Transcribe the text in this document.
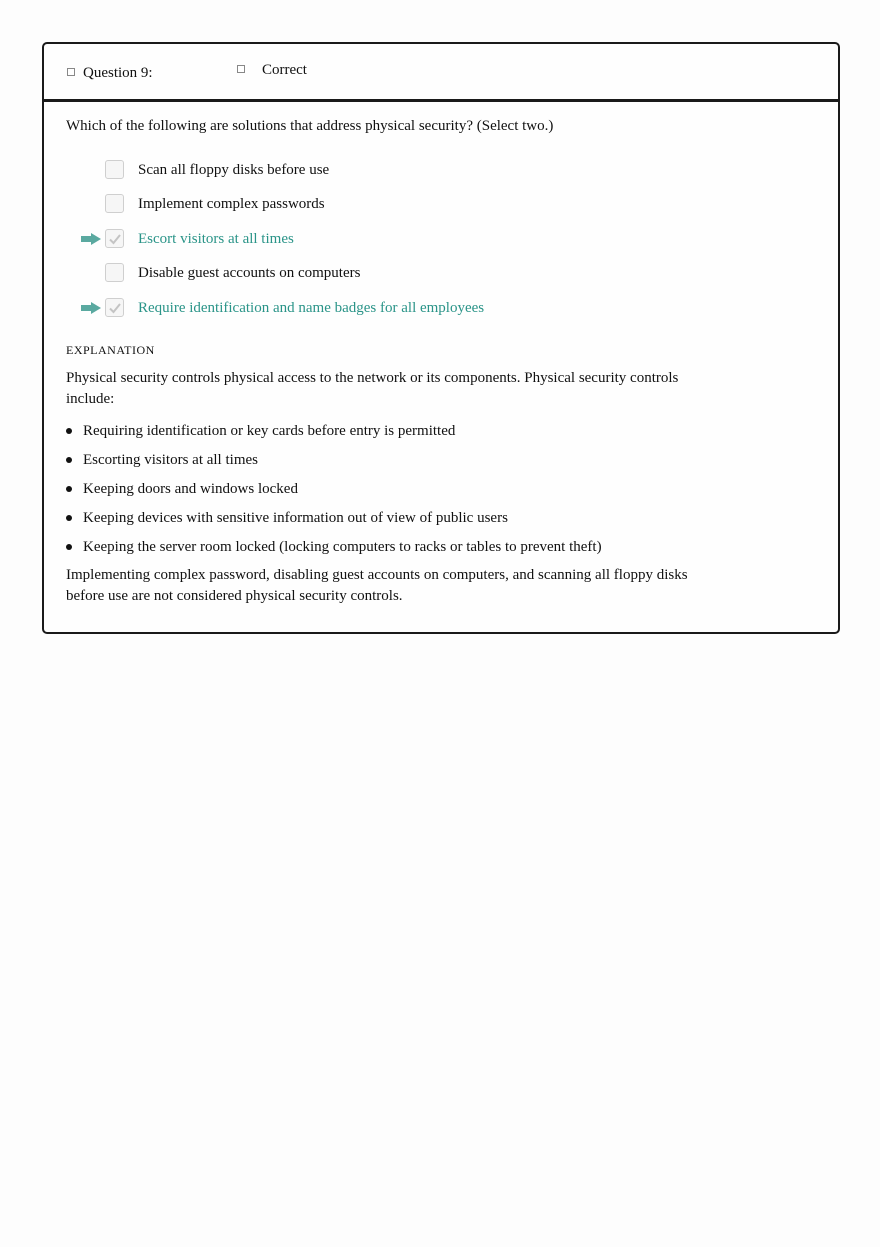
Question 9:	Correct
Which of the following are solutions that address physical security? (Select two.)
Scan all floppy disks before use
Implement complex passwords
Escort visitors at all times
Disable guest accounts on computers
Require identification and name badges for all employees
EXPLANATION
Physical security controls physical access to the network or its components. Physical security controls include:
Requiring identification or key cards before entry is permitted
Escorting visitors at all times
Keeping doors and windows locked
Keeping devices with sensitive information out of view of public users
Keeping the server room locked (locking computers to racks or tables to prevent theft)
Implementing complex password, disabling guest accounts on computers, and scanning all floppy disks before use are not considered physical security controls.
